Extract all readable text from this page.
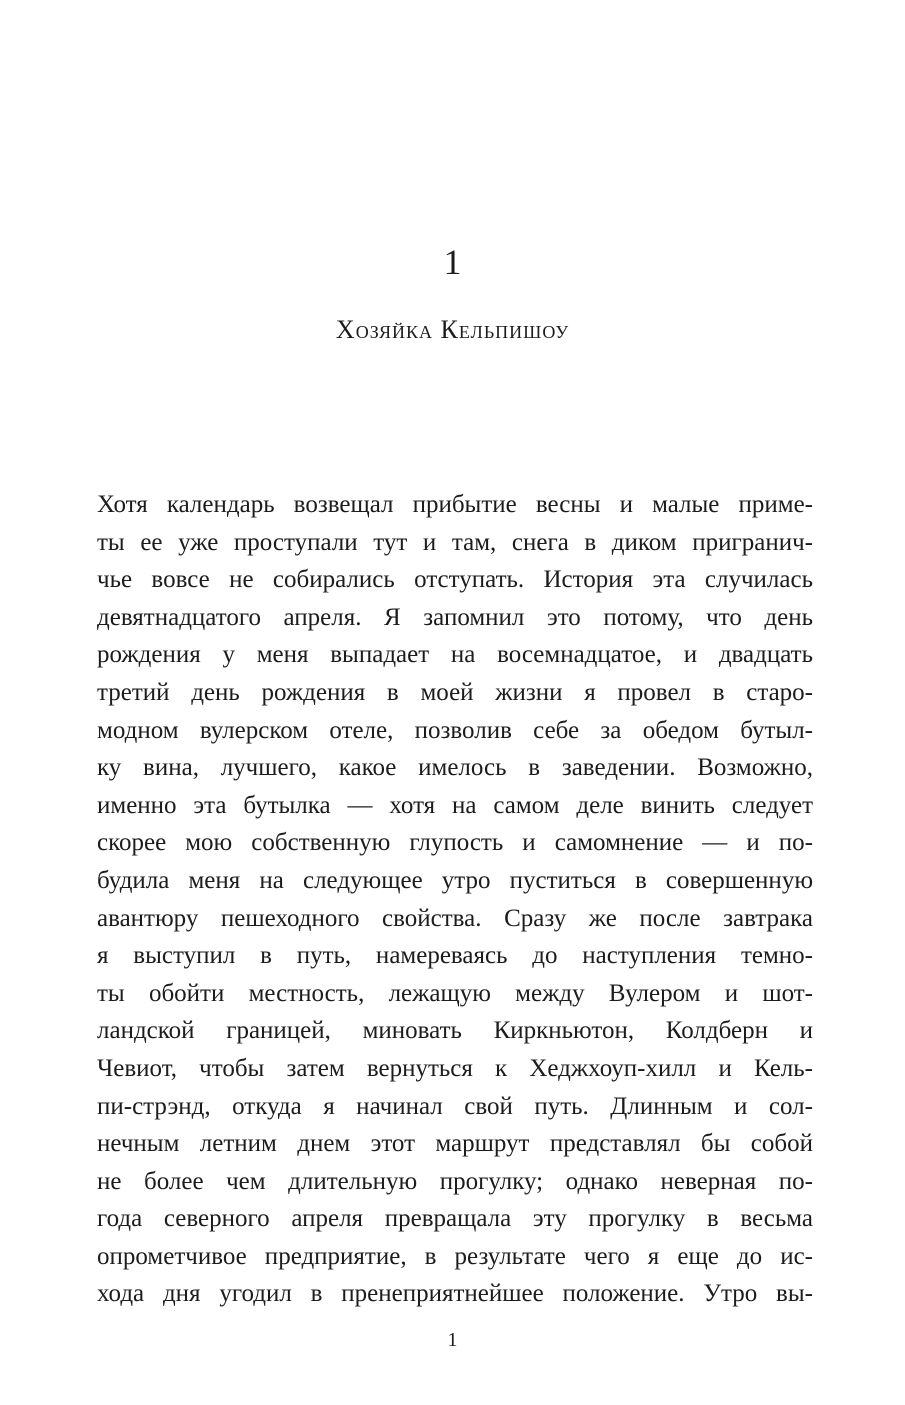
1
Хозяйка Кельпишоу
Хотя календарь возвещал прибытие весны и малые приме-
ты ее уже проступали тут и там, снега в диком пригранич-
чье вовсе не собирались отступать. История эта случилась
девятнадцатого апреля. Я запомнил это потому, что день
рождения у меня выпадает на восемнадцатое, и двадцать
третий день рождения в моей жизни я провел в старо-
модном вулерском отеле, позволив себе за обедом бутыл-
ку вина, лучшего, какое имелось в заведении. Возможно,
именно эта бутылка — хотя на самом деле винить следует
скорее мою собственную глупость и самомнение — и по-
будила меня на следующее утро пуститься в совершенную
авантюру пешеходного свойства. Сразу же после завтрака
я выступил в путь, намереваясь до наступления темно-
ты обойти местность, лежащую между Вулером и шот-
ландской границей, миновать Киркньютон, Колдберн и
Чевиот, чтобы затем вернуться к Хеджхоуп-хилл и Кель-
пи-стрэнд, откуда я начинал свой путь. Длинным и сол-
нечным летним днем этот маршрут представлял бы собой
не более чем длительную прогулку; однако неверная по-
года северного апреля превращала эту прогулку в весьма
опрометчивое предприятие, в результате чего я еще до ис-
хода дня угодил в пренеприятнейшее положение. Утро вы-
1
